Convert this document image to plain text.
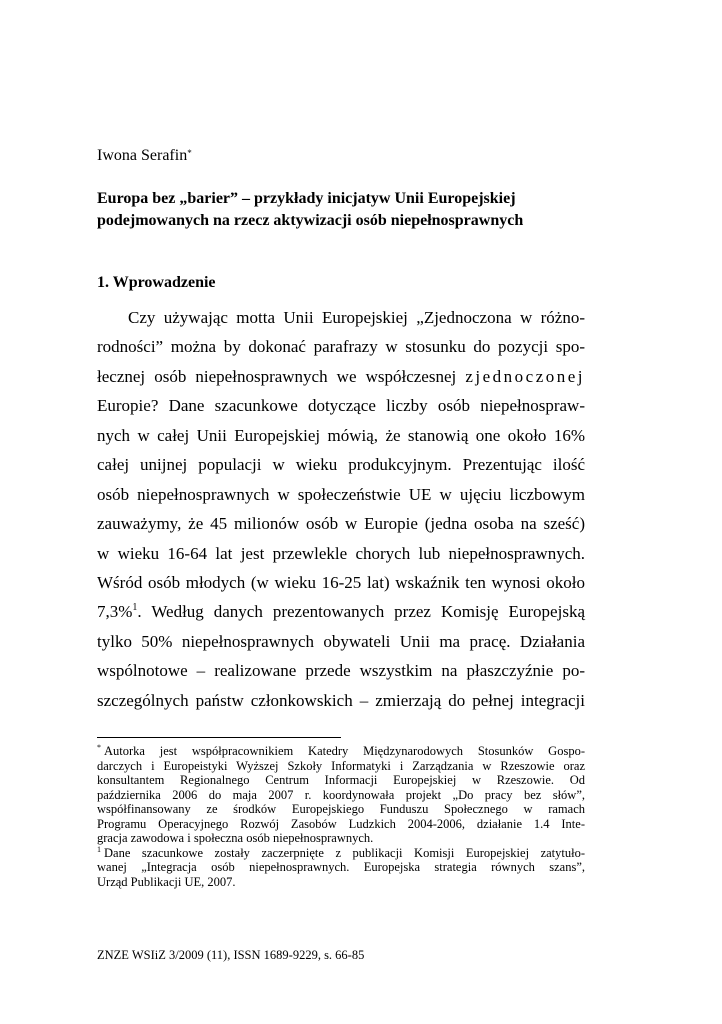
Iwona Serafin*
Europa bez „barier” – przykłady inicjatyw Unii Europejskiej
podejmowanych na rzecz aktywizacji osób niepełnosprawnych
1. Wprowadzenie
Czy używając motta Unii Europejskiej „Zjednoczona w różno-
rodności” można by dokonać parafrazy w stosunku do pozycji spo-
łecznej osób niepełnosprawnych we współczesnej zjednoczonej
Europie? Dane szacunkowe dotyczące liczby osób niepełnospraw-
nych w całej Unii Europejskiej mówią, że stanowią one około 16%
całej unijnej populacji w wieku produkcyjnym. Prezentując ilość
osób niepełnosprawnych w społeczeństwie UE w ujęciu liczbowym
zauważymy, że 45 milionów osób w Europie (jedna osoba na sześć)
w wieku 16-64 lat jest przewlekle chorych lub niepełnosprawnych.
Wśród osób młodych (w wieku 16-25 lat) wskaźnik ten wynosi około
7,3%$^1$. Według danych prezentowanych przez Komisję Europejską
tylko 50% niepełnosprawnych obywateli Unii ma pracę. Działania
wspólnotowe – realizowane przede wszystkim na płaszczyźnie po-
szczególnych państw członkowskich – zmierzają do pełnej integracji
* Autorka jest współpracownikiem Katedry Międzynarodowych Stosunków Gospo-
darczych i Europeistyki Wyższej Szkoły Informatyki i Zarządzania w Rzeszowie oraz
konsultantem Regionalnego Centrum Informacji Europejskiej w Rzeszowie. Od
października 2006 do maja 2007 r. koordynowała projekt „Do pracy bez słów”,
współfinansowany ze środków Europejskiego Funduszu Społecznego w ramach
Programu Operacyjnego Rozwój Zasobów Ludzkich 2004-2006, działanie 1.4 Inte-
gracja zawodowa i społeczna osób niepełnosprawnych.
$^1$ Dane szacunkowe zostały zaczerpnięte z publikacji Komisji Europejskiej zatytuło-
wanej „Integracja osób niepełnosprawnych. Europejska strategia równych szans”,
Urząd Publikacji UE, 2007.
ZNZE WSIiZ 3/2009 (11), ISSN 1689-9229, s. 66-85
